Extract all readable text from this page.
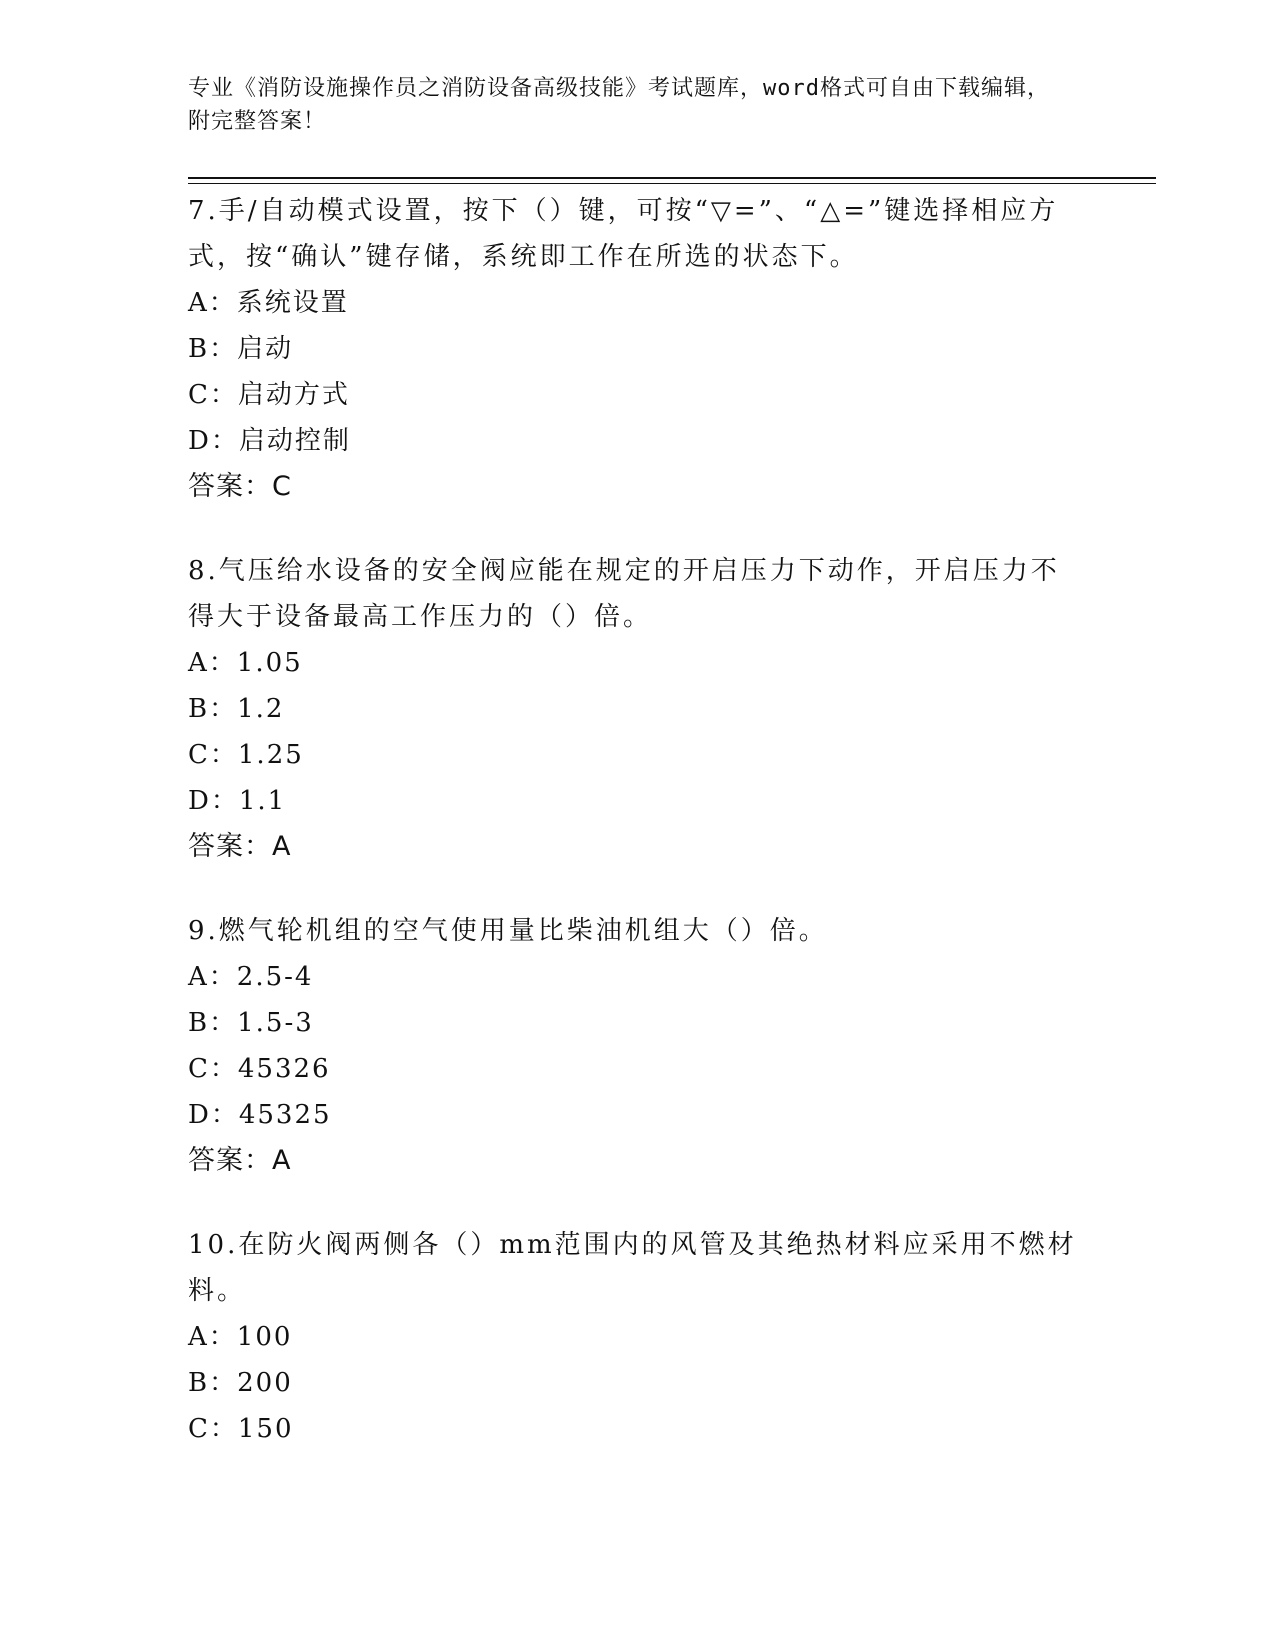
专业《消防设施操作员之消防设备高级技能》考试题库，word格式可自由下载编辑，附完整答案！

7.手/自动模式设置，按下（）键，可按“▽=”、“△=”键选择相应方式，按“确认”键存储，系统即工作在所选的状态下。

A：系统设置

B：启动

C：启动方式

D：启动控制

答案：C

8.气压给水设备的安全阀应能在规定的开启压力下动作，开启压力不得大于设备最高工作压力的（）倍。

A：1.05

B：1.2

C：1.25

D：1.1

答案：A

9.燃气轮机组的空气使用量比柴油机组大（）倍。

A：2.5-4

B：1.5-3

C：45326

D：45325

答案：A

10.在防火阀两侧各（）mm范围内的风管及其绝热材料应采用不燃材料。

A：100

B：200

C：150
